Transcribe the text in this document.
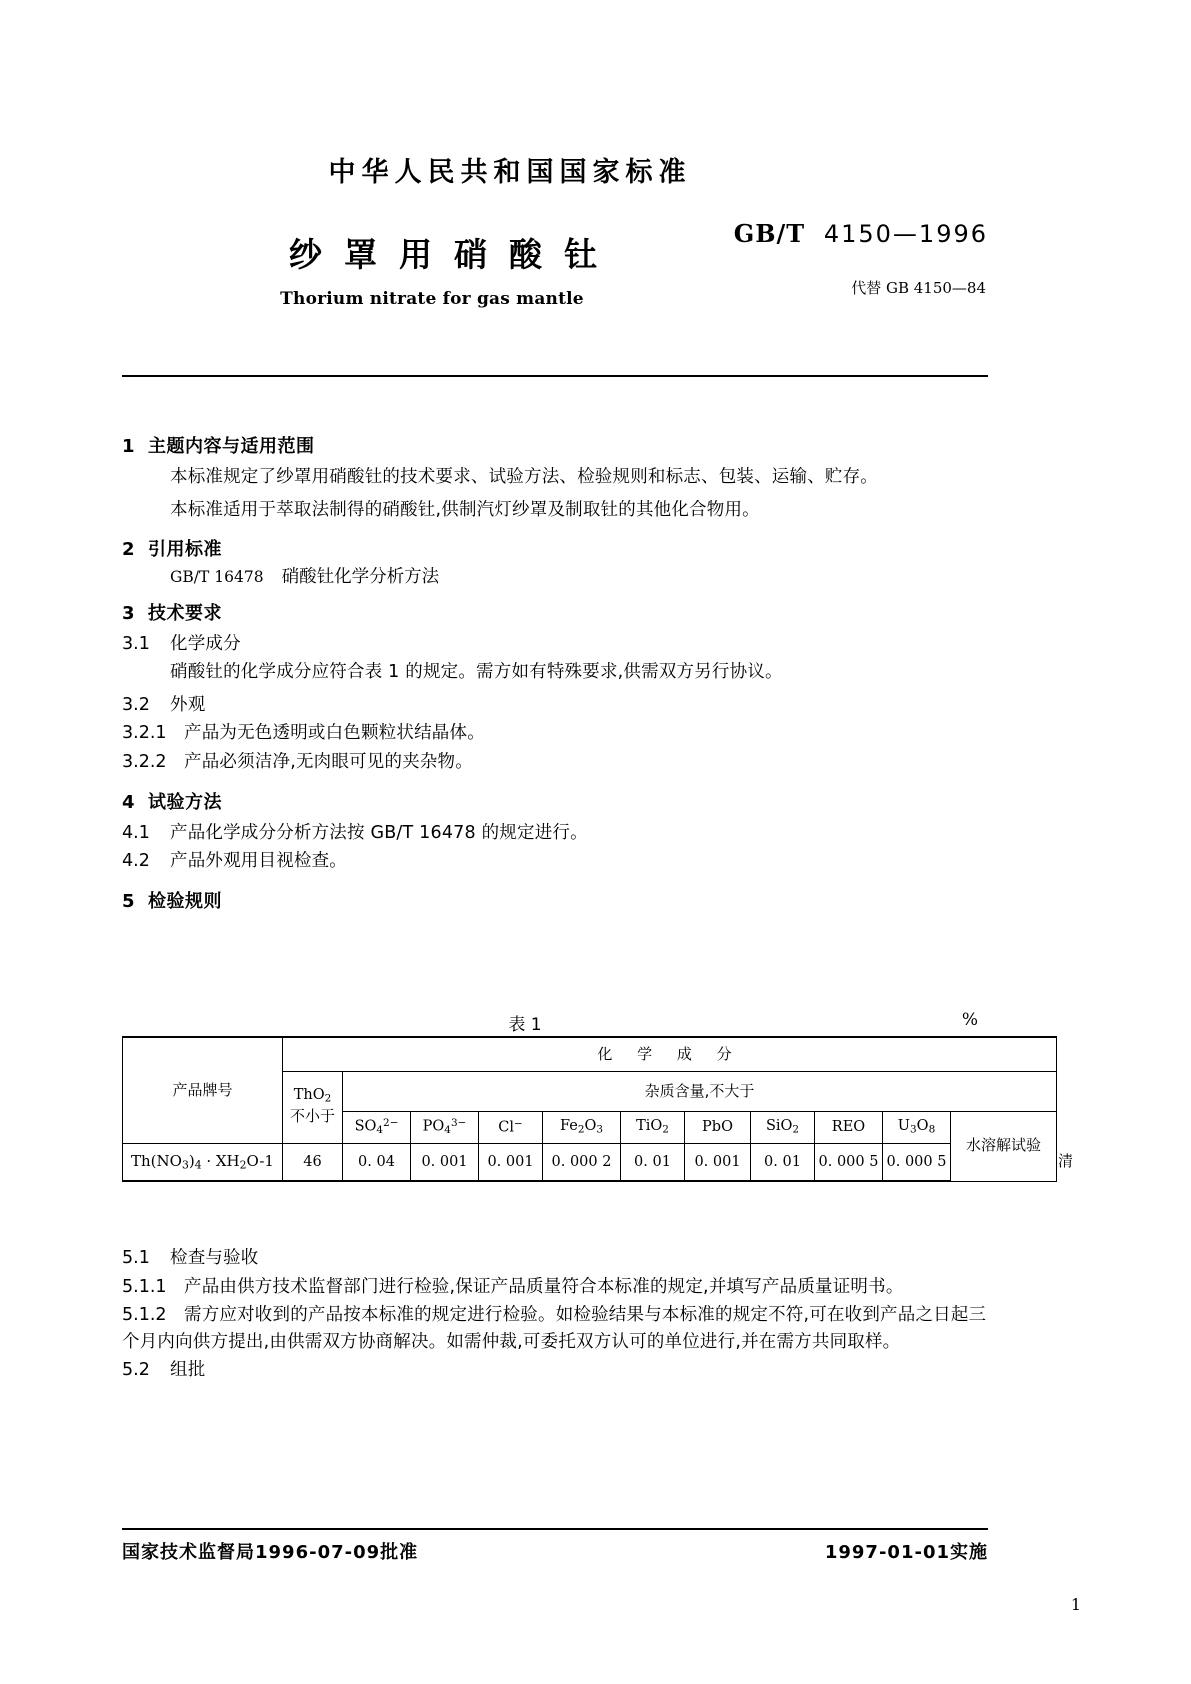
中华人民共和国国家标准
纱罩用硝酸钍
Thorium nitrate for gas mantle
GB/T 4150—1996
代替 GB 4150—84
1 主题内容与适用范围

本标准规定了纱罩用硝酸钍的技术要求、试验方法、检验规则和标志、包装、运输、贮存。

本标准适用于萃取法制得的硝酸钍,供制汽灯纱罩及制取钍的其他化合物用。

2 引用标准
GB/T 16478 硝酸钍化学分析方法
3 技术要求
3.1 化学成分

硝酸钍的化学成分应符合表 1 的规定。需方如有特殊要求,供需双方另行协议。

3.2 外观
3.2.1 产品为无色透明或白色颗粒状结晶体。
3.2.2 产品必须洁净,无肉眼可见的夹杂物。
4 试验方法
4.1 产品化学成分分析方法按 GB/T 16478 的规定进行。
4.2 产品外观用目视检查。
5 检验规则
表 1	%
产品牌号	化 学 成 分											

	ThO$_2$
不小于	杂质含量,不大于										
		$SO_4^{2-}$	$PO_4^{3-}$	Cl−	$Fe_2O_3$	TiO$_2$	PbO	SiO$_2$	REO	$U_3O_8$	水溶解试验	

$Th(NO_3)_4 \cdot XH_2O-1$	46	0. 04	0. 001	0. 001	0. 000 2	0. 01	0. 001	0. 01	0. 000 5	0. 000 5		清
5.1 检查与验收
5.1.1 产品由供方技术监督部门进行检验,保证产品质量符合本标准的规定,并填写产品质量证明书。
5.1.2 需方应对收到的产品按本标准的规定进行检验。如检验结果与本标准的规定不符,可在收到产品之日起三个月内向供方提出,由供需双方协商解决。如需仲裁,可委托双方认可的单位进行,并在需方共同取样。
5.2 组批
国家技术监督局1996-07-09批准	1997-01-01实施
1
